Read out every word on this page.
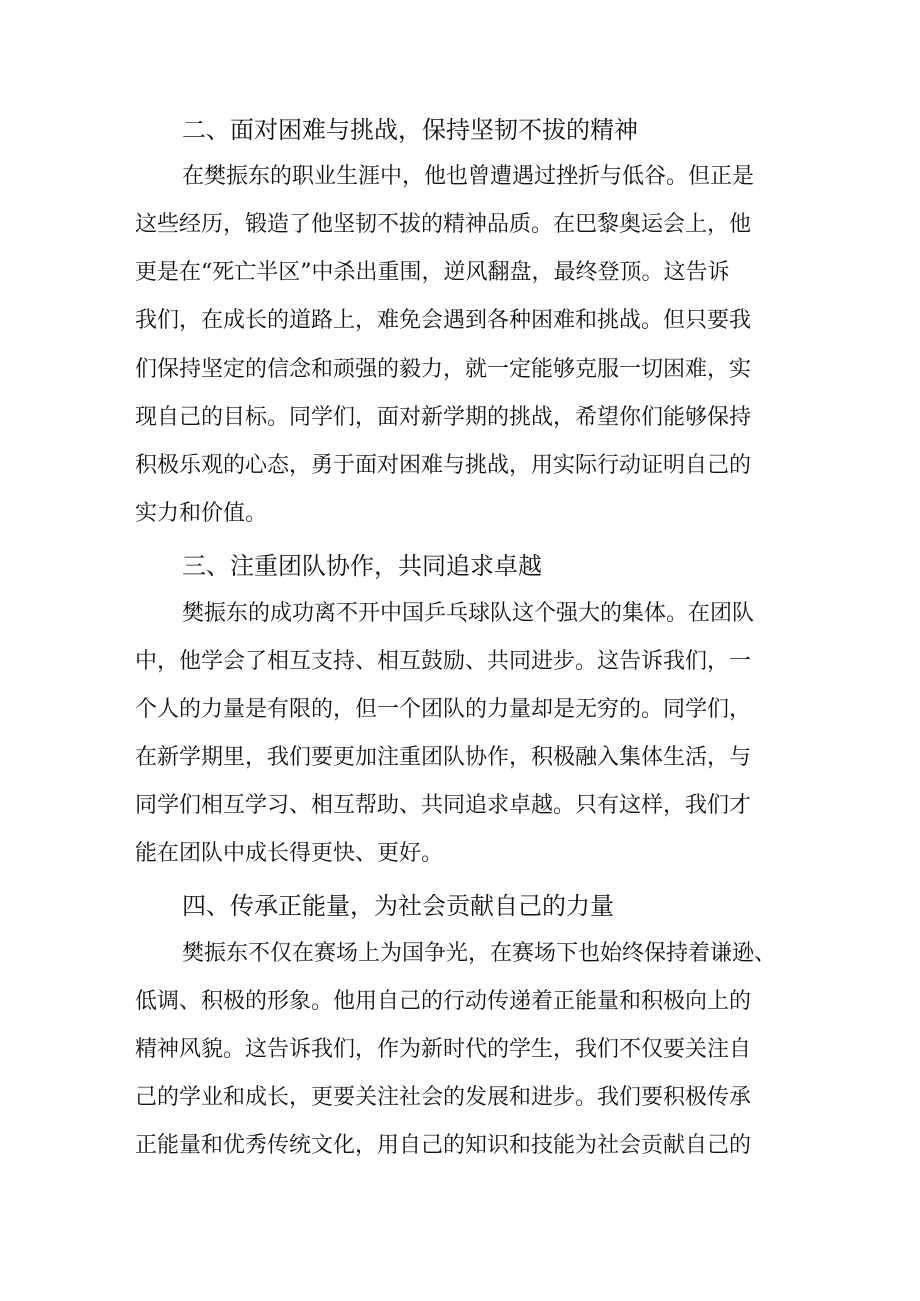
二、面对困难与挑战，保持坚韧不拔的精神
在樊振东的职业生涯中，他也曾遭遇过挫折与低谷。但正是
这些经历，锻造了他坚韧不拔的精神品质。在巴黎奥运会上，他
更是在“死亡半区”中杀出重围，逆风翻盘，最终登顶。这告诉
我们，在成长的道路上，难免会遇到各种困难和挑战。但只要我
们保持坚定的信念和顽强的毅力，就一定能够克服一切困难，实
现自己的目标。同学们，面对新学期的挑战，希望你们能够保持
积极乐观的心态，勇于面对困难与挑战，用实际行动证明自己的
实力和价值。
三、注重团队协作，共同追求卓越
樊振东的成功离不开中国乒乓球队这个强大的集体。在团队
中，他学会了相互支持、相互鼓励、共同进步。这告诉我们，一
个人的力量是有限的，但一个团队的力量却是无穷的。同学们，
在新学期里，我们要更加注重团队协作，积极融入集体生活，与
同学们相互学习、相互帮助、共同追求卓越。只有这样，我们才
能在团队中成长得更快、更好。
四、传承正能量，为社会贡献自己的力量
樊振东不仅在赛场上为国争光，在赛场下也始终保持着谦逊、
低调、积极的形象。他用自己的行动传递着正能量和积极向上的
精神风貌。这告诉我们，作为新时代的学生，我们不仅要关注自
己的学业和成长，更要关注社会的发展和进步。我们要积极传承
正能量和优秀传统文化，用自己的知识和技能为社会贡献自己的
